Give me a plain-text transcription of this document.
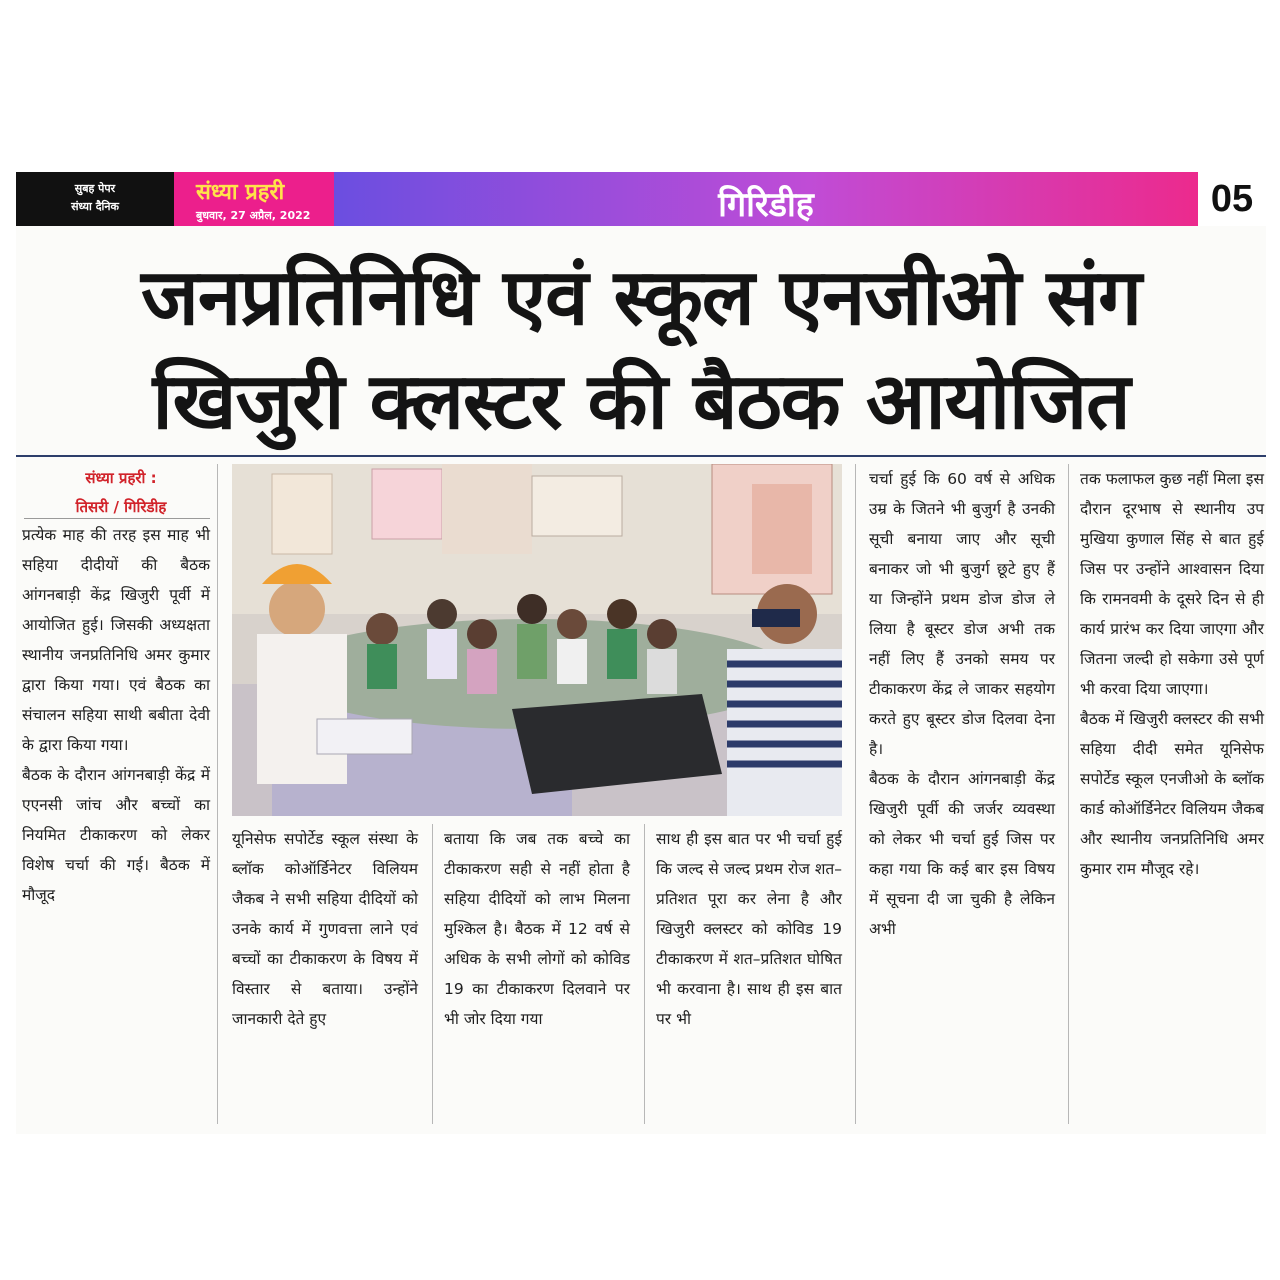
सुबह पेपर
संध्या दैनिक
संध्या प्रहरी
बुधवार, 27 अप्रैल, 2022	गिरिडीह	05
जनप्रतिनिधि एवं स्कूल एनजीओ संग
खिजुरी क्लस्टर की बैठक आयोजित
संध्या प्रहरी :
तिसरी / गिरिडीह

प्रत्येक माह की तरह इस माह भी सहिया दीदीयों की बैठक आंगनबाड़ी केंद्र खिजुरी पूर्वी में आयोजित हुई। जिसकी अध्यक्षता स्थानीय जनप्रतिनिधि अमर कुमार द्वारा किया गया। एवं बैठक का संचालन सहिया साथी बबीता देवी के द्वारा किया गया।

बैठक के दौरान आंगनबाड़ी केंद्र में एएनसी जांच और बच्चों का नियमित टीकाकरण को लेकर विशेष चर्चा की गई। बैठक में मौजूद

यूनिसेफ सपोर्टेड स्कूल संस्था के ब्लॉक कोऑर्डिनेटर विलियम जैकब ने सभी सहिया दीदियों को उनके कार्य में गुणवत्ता लाने एवं बच्चों का टीकाकरण के विषय में विस्तार से बताया। उन्होंने जानकारी देते हुए

बताया कि जब तक बच्चे का टीकाकरण सही से नहीं होता है सहिया दीदियों को लाभ मिलना मुश्किल है। बैठक में 12 वर्ष से अधिक के सभी लोगों को कोविड 19 का टीकाकरण दिलवाने पर भी जोर दिया गया

साथ ही इस बात पर भी चर्चा हुई कि जल्द से जल्द प्रथम रोज शत–प्रतिशत पूरा कर लेना है और खिजुरी क्लस्टर को कोविड 19 टीकाकरण में शत–प्रतिशत घोषित भी करवाना है। साथ ही इस बात पर भी

चर्चा हुई कि 60 वर्ष से अधिक उम्र के जितने भी बुजुर्ग है उनकी सूची बनाया जाए और सूची बनाकर जो भी बुजुर्ग छूटे हुए हैं या जिन्होंने प्रथम डोज डोज ले लिया है बूस्टर डोज अभी तक नहीं लिए हैं उनको समय पर टीकाकरण केंद्र ले जाकर सहयोग करते हुए बूस्टर डोज दिलवा देना है।

बैठक के दौरान आंगनबाड़ी केंद्र खिजुरी पूर्वी की जर्जर व्यवस्था को लेकर भी चर्चा हुई जिस पर कहा गया कि कई बार इस विषय में सूचना दी जा चुकी है लेकिन अभी

तक फलाफल कुछ नहीं मिला इस दौरान दूरभाष से स्थानीय उप मुखिया कुणाल सिंह से बात हुई जिस पर उन्होंने आश्वासन दिया कि रामनवमी के दूसरे दिन से ही कार्य प्रारंभ कर दिया जाएगा और जितना जल्दी हो सकेगा उसे पूर्ण भी करवा दिया जाएगा।

बैठक में खिजुरी क्लस्टर की सभी सहिया दीदी समेत यूनिसेफ सपोर्टेड स्कूल एनजीओ के ब्लॉक कार्ड कोऑर्डिनेटर विलियम जैकब और स्थानीय जनप्रतिनिधि अमर कुमार राम मौजूद रहे।
